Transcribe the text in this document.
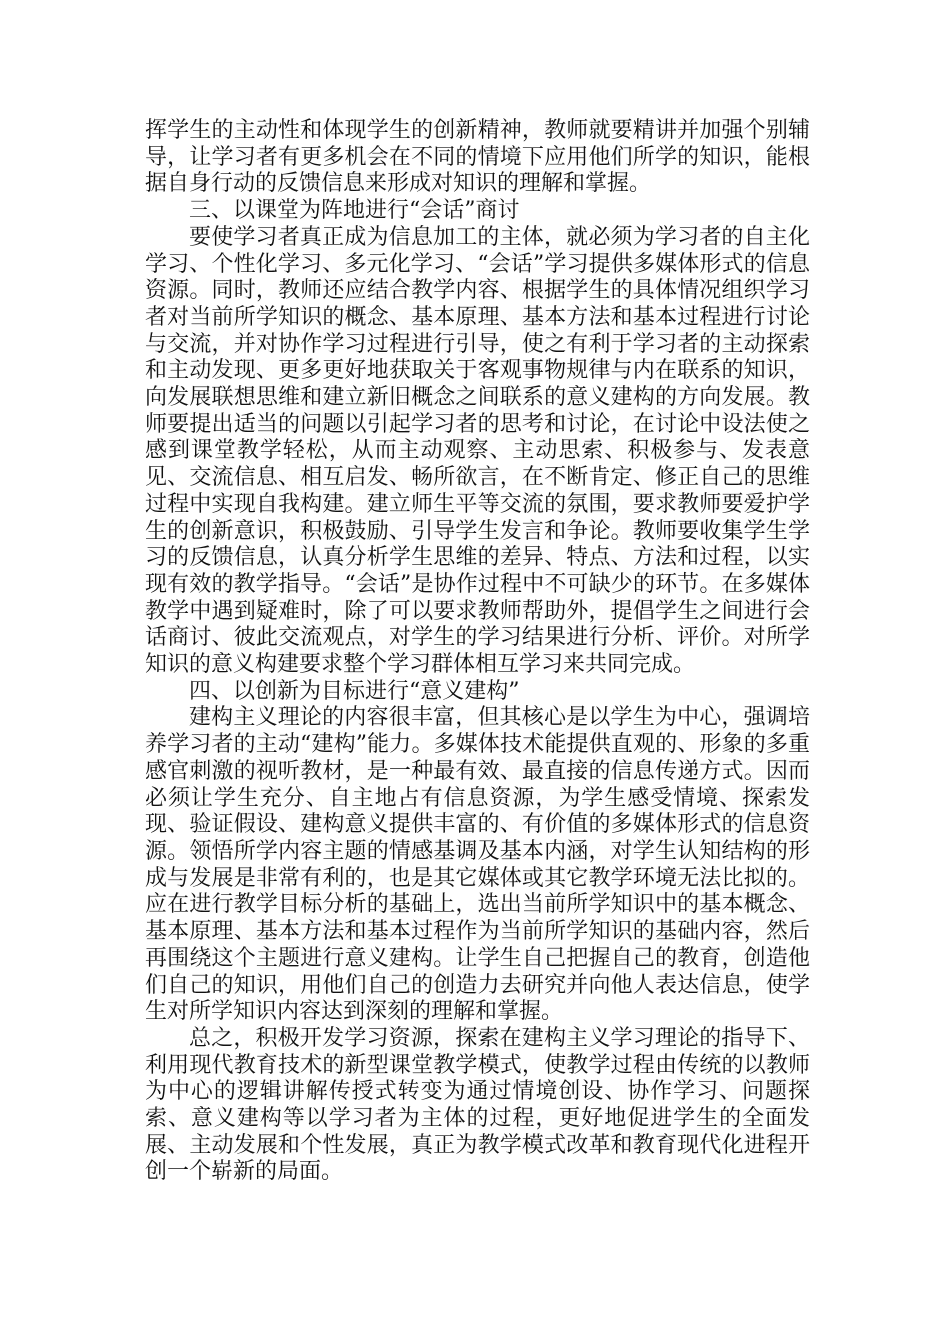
挥学生的主动性和体现学生的创新精神，教师就要精讲并加强个别辅导，让学习者有更多机会在不同的情境下应用他们所学的知识，能根据自身行动的反馈信息来形成对知识的理解和掌握。

三、以课堂为阵地进行“会话”商讨

要使学习者真正成为信息加工的主体，就必须为学习者的自主化学习、个性化学习、多元化学习、“会话”学习提供多媒体形式的信息资源。同时，教师还应结合教学内容、根据学生的具体情况组织学习者对当前所学知识的概念、基本原理、基本方法和基本过程进行讨论与交流，并对协作学习过程进行引导，使之有利于学习者的主动探索和主动发现、更多更好地获取关于客观事物规律与内在联系的知识，向发展联想思维和建立新旧概念之间联系的意义建构的方向发展。教师要提出适当的问题以引起学习者的思考和讨论，在讨论中设法使之感到课堂教学轻松，从而主动观察、主动思索、积极参与、发表意见、交流信息、相互启发、畅所欲言，在不断肯定、修正自己的思维过程中实现自我构建。建立师生平等交流的氛围，要求教师要爱护学生的创新意识，积极鼓励、引导学生发言和争论。教师要收集学生学习的反馈信息，认真分析学生思维的差异、特点、方法和过程，以实现有效的教学指导。“会话”是协作过程中不可缺少的环节。在多媒体教学中遇到疑难时，除了可以要求教师帮助外，提倡学生之间进行会话商讨、彼此交流观点，对学生的学习结果进行分析、评价。对所学知识的意义构建要求整个学习群体相互学习来共同完成。

四、以创新为目标进行“意义建构”

建构主义理论的内容很丰富，但其核心是以学生为中心，强调培养学习者的主动“建构”能力。多媒体技术能提供直观的、形象的多重感官刺激的视听教材，是一种最有效、最直接的信息传递方式。因而必须让学生充分、自主地占有信息资源，为学生感受情境、探索发现、验证假设、建构意义提供丰富的、有价值的多媒体形式的信息资源。领悟所学内容主题的情感基调及基本内涵，对学生认知结构的形成与发展是非常有利的，也是其它媒体或其它教学环境无法比拟的。应在进行教学目标分析的基础上，选出当前所学知识中的基本概念、基本原理、基本方法和基本过程作为当前所学知识的基础内容，然后再围绕这个主题进行意义建构。让学生自己把握自己的教育，创造他们自己的知识，用他们自己的创造力去研究并向他人表达信息，使学生对所学知识内容达到深刻的理解和掌握。

总之，积极开发学习资源，探索在建构主义学习理论的指导下、利用现代教育技术的新型课堂教学模式，使教学过程由传统的以教师为中心的逻辑讲解传授式转变为通过情境创设、协作学习、问题探索、意义建构等以学习者为主体的过程，更好地促进学生的全面发展、主动发展和个性发展，真正为教学模式改革和教育现代化进程开创一个崭新的局面。
